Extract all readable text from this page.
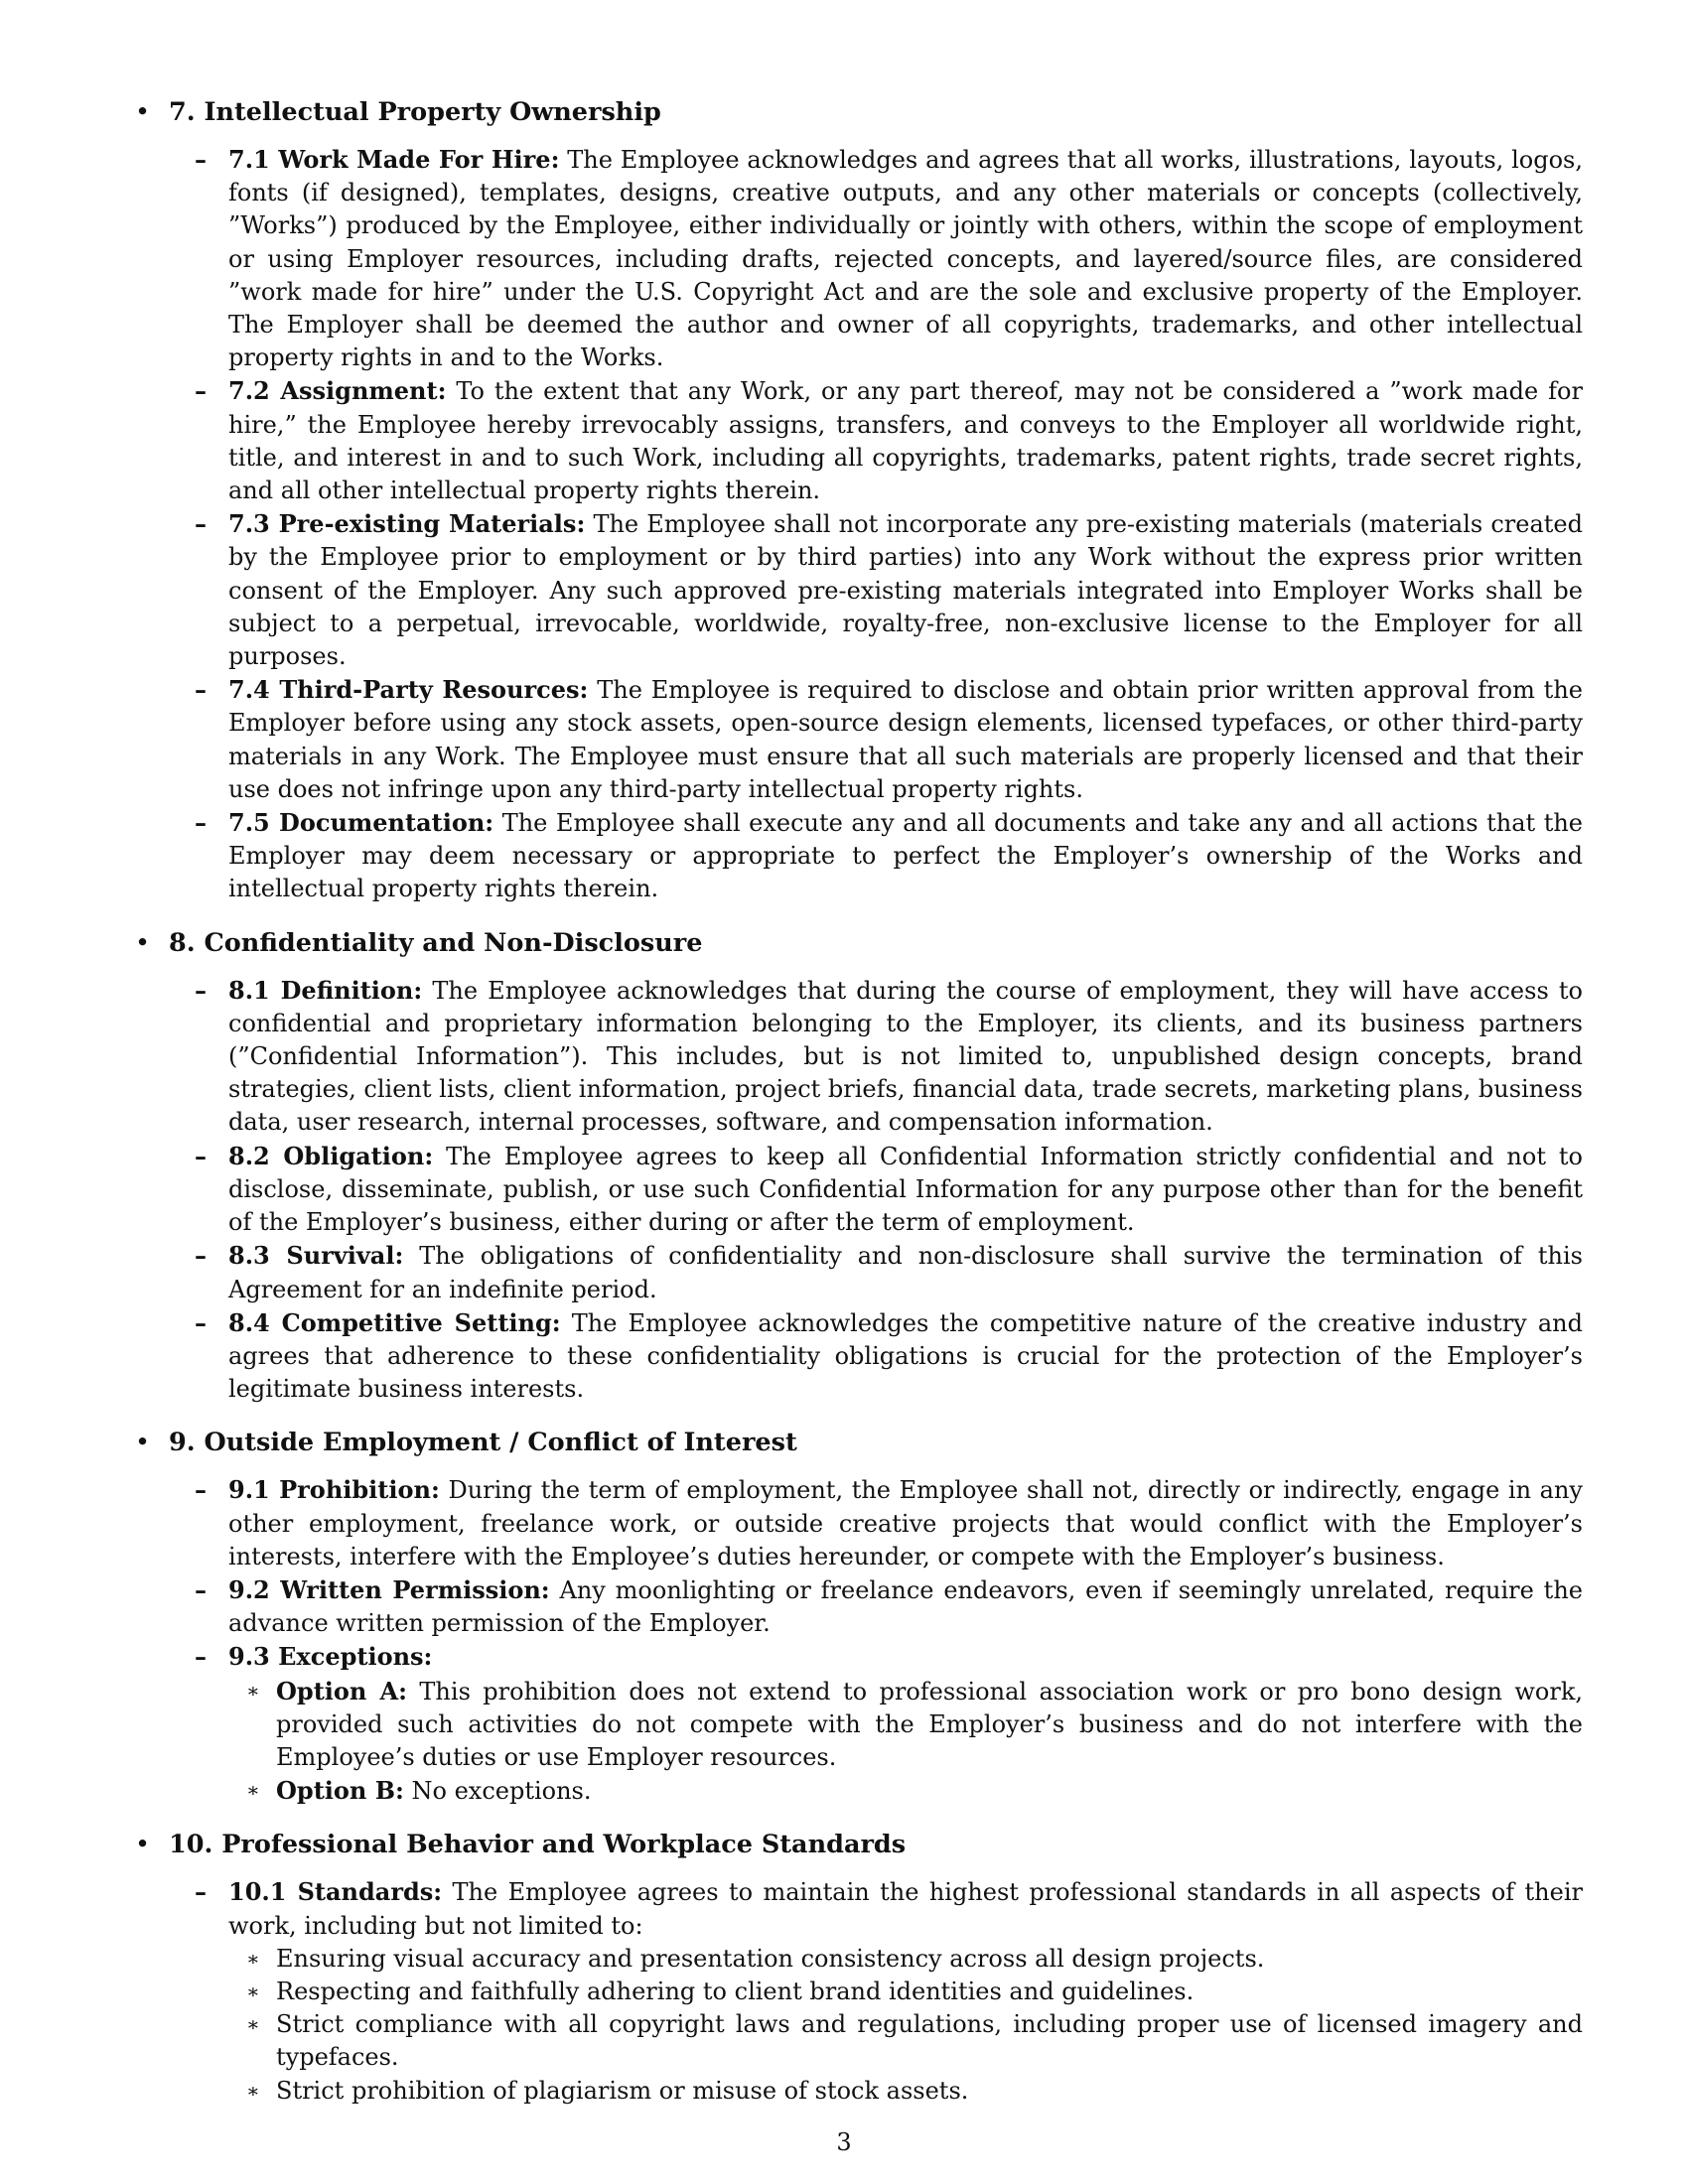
• 7. Intellectual Property Ownership
– 7.1 Work Made For Hire: The Employee acknowledges and agrees that all works, illustrations, layouts, logos, fonts (if designed), templates, designs, creative outputs, and any other materials or concepts (collectively, ”Works”) produced by the Employee, either individually or jointly with others, within the scope of employment or using Employer resources, including drafts, rejected concepts, and layered/source files, are considered ”work made for hire” under the U.S. Copyright Act and are the sole and exclusive property of the Employer. The Employer shall be deemed the author and owner of all copyrights, trademarks, and other intellectual property rights in and to the Works.
– 7.2 Assignment: To the extent that any Work, or any part thereof, may not be considered a ”work made for hire,” the Employee hereby irrevocably assigns, transfers, and conveys to the Employer all worldwide right, title, and interest in and to such Work, including all copyrights, trademarks, patent rights, trade secret rights, and all other intellectual property rights therein.
– 7.3 Pre-existing Materials: The Employee shall not incorporate any pre-existing materials (materials created by the Employee prior to employment or by third parties) into any Work without the express prior written consent of the Employer. Any such approved pre-existing materials integrated into Employer Works shall be subject to a perpetual, irrevocable, worldwide, royalty-free, non-exclusive license to the Employer for all purposes.
– 7.4 Third-Party Resources: The Employee is required to disclose and obtain prior written approval from the Employer before using any stock assets, open-source design elements, licensed typefaces, or other third-party materials in any Work. The Employee must ensure that all such materials are properly licensed and that their use does not infringe upon any third-party intellectual property rights.
– 7.5 Documentation: The Employee shall execute any and all documents and take any and all actions that the Employer may deem necessary or appropriate to perfect the Employer’s ownership of the Works and intellectual property rights therein.
• 8. Confidentiality and Non-Disclosure
– 8.1 Definition: The Employee acknowledges that during the course of employment, they will have access to confidential and proprietary information belonging to the Employer, its clients, and its business partners (”Confidential Information”). This includes, but is not limited to, unpublished design concepts, brand strategies, client lists, client information, project briefs, financial data, trade secrets, marketing plans, business data, user research, internal processes, software, and compensation information.
– 8.2 Obligation: The Employee agrees to keep all Confidential Information strictly confidential and not to disclose, disseminate, publish, or use such Confidential Information for any purpose other than for the benefit of the Employer’s business, either during or after the term of employment.
– 8.3 Survival: The obligations of confidentiality and non-disclosure shall survive the termination of this Agreement for an indefinite period.
– 8.4 Competitive Setting: The Employee acknowledges the competitive nature of the creative industry and agrees that adherence to these confidentiality obligations is crucial for the protection of the Employer’s legitimate business interests.
• 9. Outside Employment / Conflict of Interest
– 9.1 Prohibition: During the term of employment, the Employee shall not, directly or indirectly, engage in any other employment, freelance work, or outside creative projects that would conflict with the Employer’s interests, interfere with the Employee’s duties hereunder, or compete with the Employer’s business.
– 9.2 Written Permission: Any moonlighting or freelance endeavors, even if seemingly unrelated, require the advance written permission of the Employer.
– 9.3 Exceptions:
∗ Option A: This prohibition does not extend to professional association work or pro bono design work, provided such activities do not compete with the Employer’s business and do not interfere with the Employee’s duties or use Employer resources.
∗ Option B: No exceptions.
• 10. Professional Behavior and Workplace Standards
– 10.1 Standards: The Employee agrees to maintain the highest professional standards in all aspects of their work, including but not limited to:
∗ Ensuring visual accuracy and presentation consistency across all design projects.
∗ Respecting and faithfully adhering to client brand identities and guidelines.
∗ Strict compliance with all copyright laws and regulations, including proper use of licensed imagery and typefaces.
∗ Strict prohibition of plagiarism or misuse of stock assets.
3
